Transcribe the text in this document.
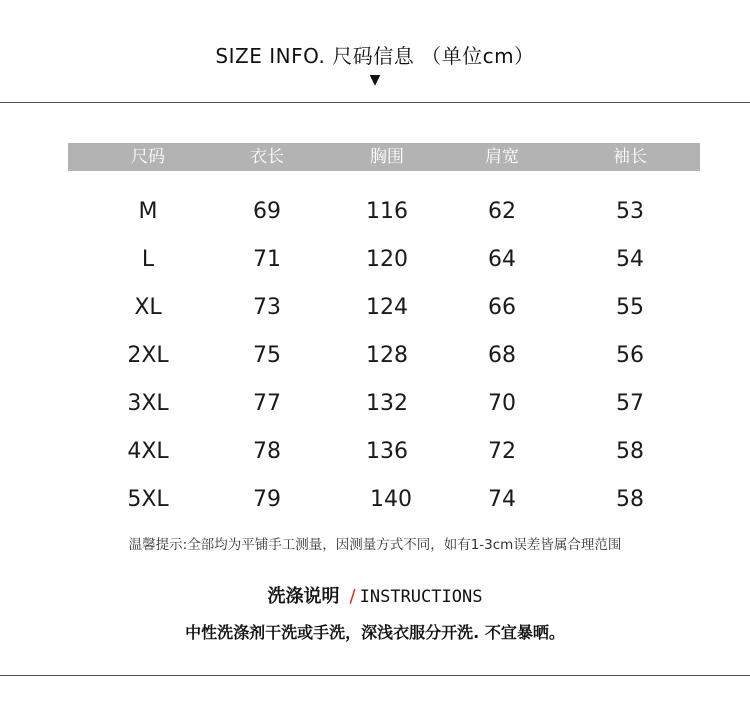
SIZE INFO. 尺码信息 （单位cm）
▼
尺码	衣长	胸围	肩宽	袖长
M	69	116	62	53
L	71	120	64	54
XL	73	124	66	55
2XL	75	128	68	56
3XL	77	132	70	57
4XL	78	136	72	58
5XL	79	140	74	58
温馨提示:全部均为平铺手工测量，因测量方式不同，如有1-3cm误差皆属合理范围
洗涤说明 / INSTRUCTIONS
中性洗涤剂干洗或手洗，深浅衣服分开洗. 不宜暴晒。
